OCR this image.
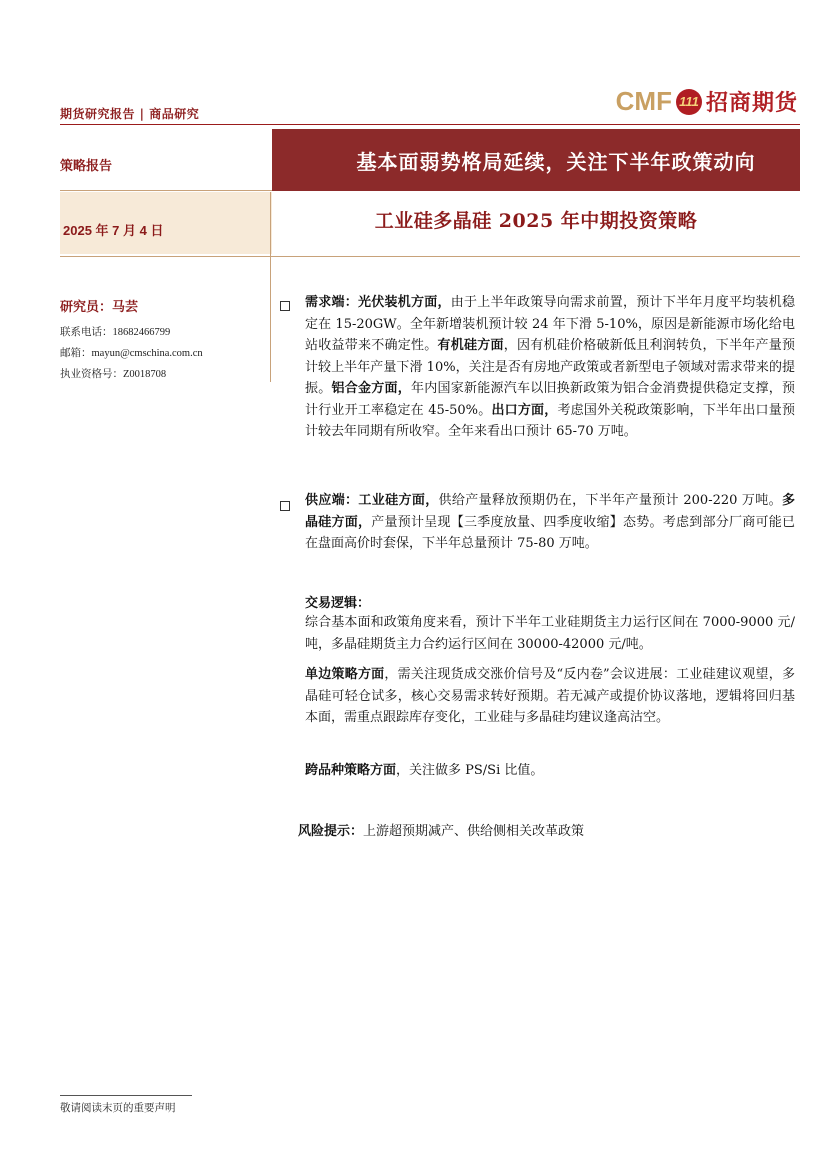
期货研究报告 | 商品研究	CMF 111 招商期货
策略报告	基本面弱势格局延续，关注下半年政策动向
2025 年 7 月 4 日	工业硅多晶硅 2025 年中期投资策略
研究员：马芸
联系电话：18682466799
邮箱：mayun@cmschina.com.cn
执业资格号：Z0018708
需求端：光伏装机方面，由于上半年政策导向需求前置，预计下半年月度平均装机稳定在 15-20GW。全年新增装机预计较 24 年下滑 5-10%，原因是新能源市场化给电站收益带来不确定性。有机硅方面，因有机硅价格破新低且利润转负，下半年产量预计较上半年产量下滑 10%，关注是否有房地产政策或者新型电子领域对需求带来的提振。铝合金方面，年内国家新能源汽车以旧换新政策为铝合金消费提供稳定支撑，预计行业开工率稳定在 45-50%。出口方面，考虑国外关税政策影响，下半年出口量预计较去年同期有所收窄。全年来看出口预计 65-70 万吨。
供应端：工业硅方面，供给产量释放预期仍在，下半年产量预计 200-220 万吨。多晶硅方面，产量预计呈现【三季度放量、四季度收缩】态势。考虑到部分厂商可能已在盘面高价时套保，下半年总量预计 75-80 万吨。
交易逻辑：
综合基本面和政策角度来看，预计下半年工业硅期货主力运行区间在 7000-9000 元/吨，多晶硅期货主力合约运行区间在 30000-42000 元/吨。
单边策略方面，需关注现货成交涨价信号及“反内卷”会议进展：工业硅建议观望，多晶硅可轻仓试多，核心交易需求转好预期。若无减产或提价协议落地，逻辑将回归基本面，需重点跟踪库存变化，工业硅与多晶硅均建议逢高沽空。
跨品种策略方面，关注做多 PS/Si 比值。
风险提示：上游超预期减产、供给侧相关改革政策
敬请阅读末页的重要声明
